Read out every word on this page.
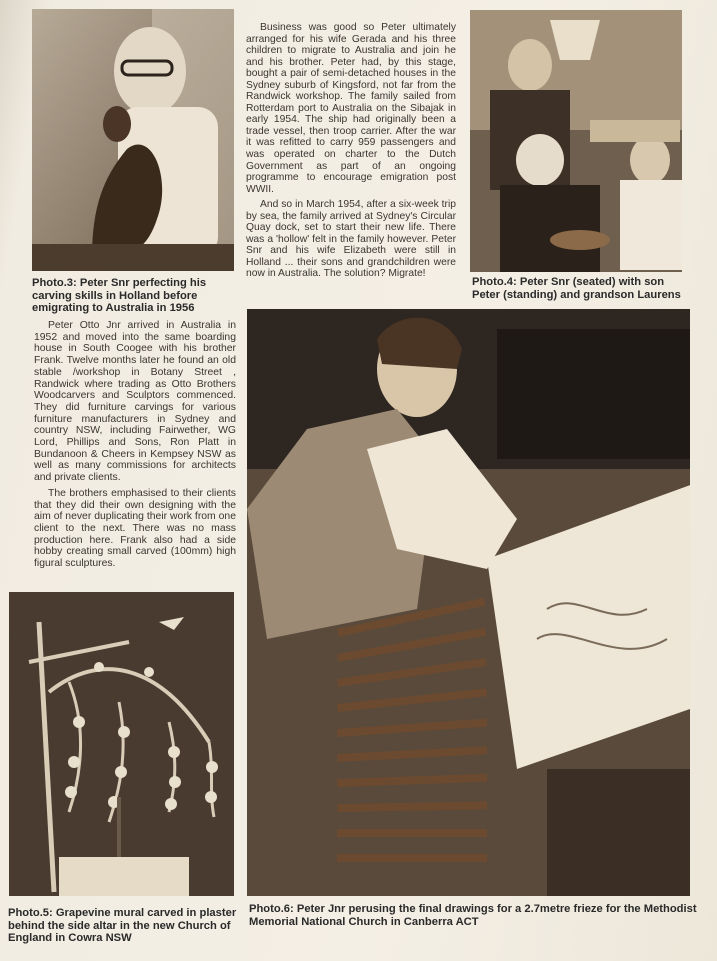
Photo.3: Peter Snr perfecting his carving skills in Holland before emigrating to Australia in 1956

Business was good so Peter ultimately arranged for his wife Gerada and his three children to migrate to Australia and join he and his brother. Peter had, by this stage, bought a pair of semi-detached houses in the Sydney suburb of Kingsford, not far from the Randwick workshop. The family sailed from Rotterdam port to Australia on the Sibajak in early 1954. The ship had originally been a trade vessel, then troop carrier. After the war it was refitted to carry 959 passengers and was operated on charter to the Dutch Government as part of an ongoing programme to encourage emigration post WWII.

And so in March 1954, after a six-week trip by sea, the family arrived at Sydney's Circular Quay dock, set to start their new life. There was a 'hollow' felt in the family however. Peter Snr and his wife Elizabeth were still in Holland ... their sons and grandchildren were now in Australia. The solution? Migrate!

Photo.4: Peter Snr (seated) with son Peter (standing) and grandson Laurens

Peter Otto Jnr arrived in Australia in 1952 and moved into the same boarding house in South Coogee with his brother Frank. Twelve months later he found an old stable /workshop in Botany Street , Randwick where trading as Otto Brothers Woodcarvers and Sculptors commenced. They did furniture carvings for various furniture manufacturers in Sydney and country NSW, including Fairwether, WG Lord, Phillips and Sons, Ron Platt in Bundanoon & Cheers in Kempsey NSW as well as many commissions for architects and private clients.

The brothers emphasised to their clients that they did their own designing with the aim of never duplicating their work from one client to the next. There was no mass production here. Frank also had a side hobby creating small carved (100mm) high figural sculptures.

Photo.5: Grapevine mural carved in plaster behind the side altar in the new Church of England in Cowra NSW

Photo.6: Peter Jnr perusing the final drawings for a 2.7metre frieze for the Methodist Memorial National Church in Canberra ACT
